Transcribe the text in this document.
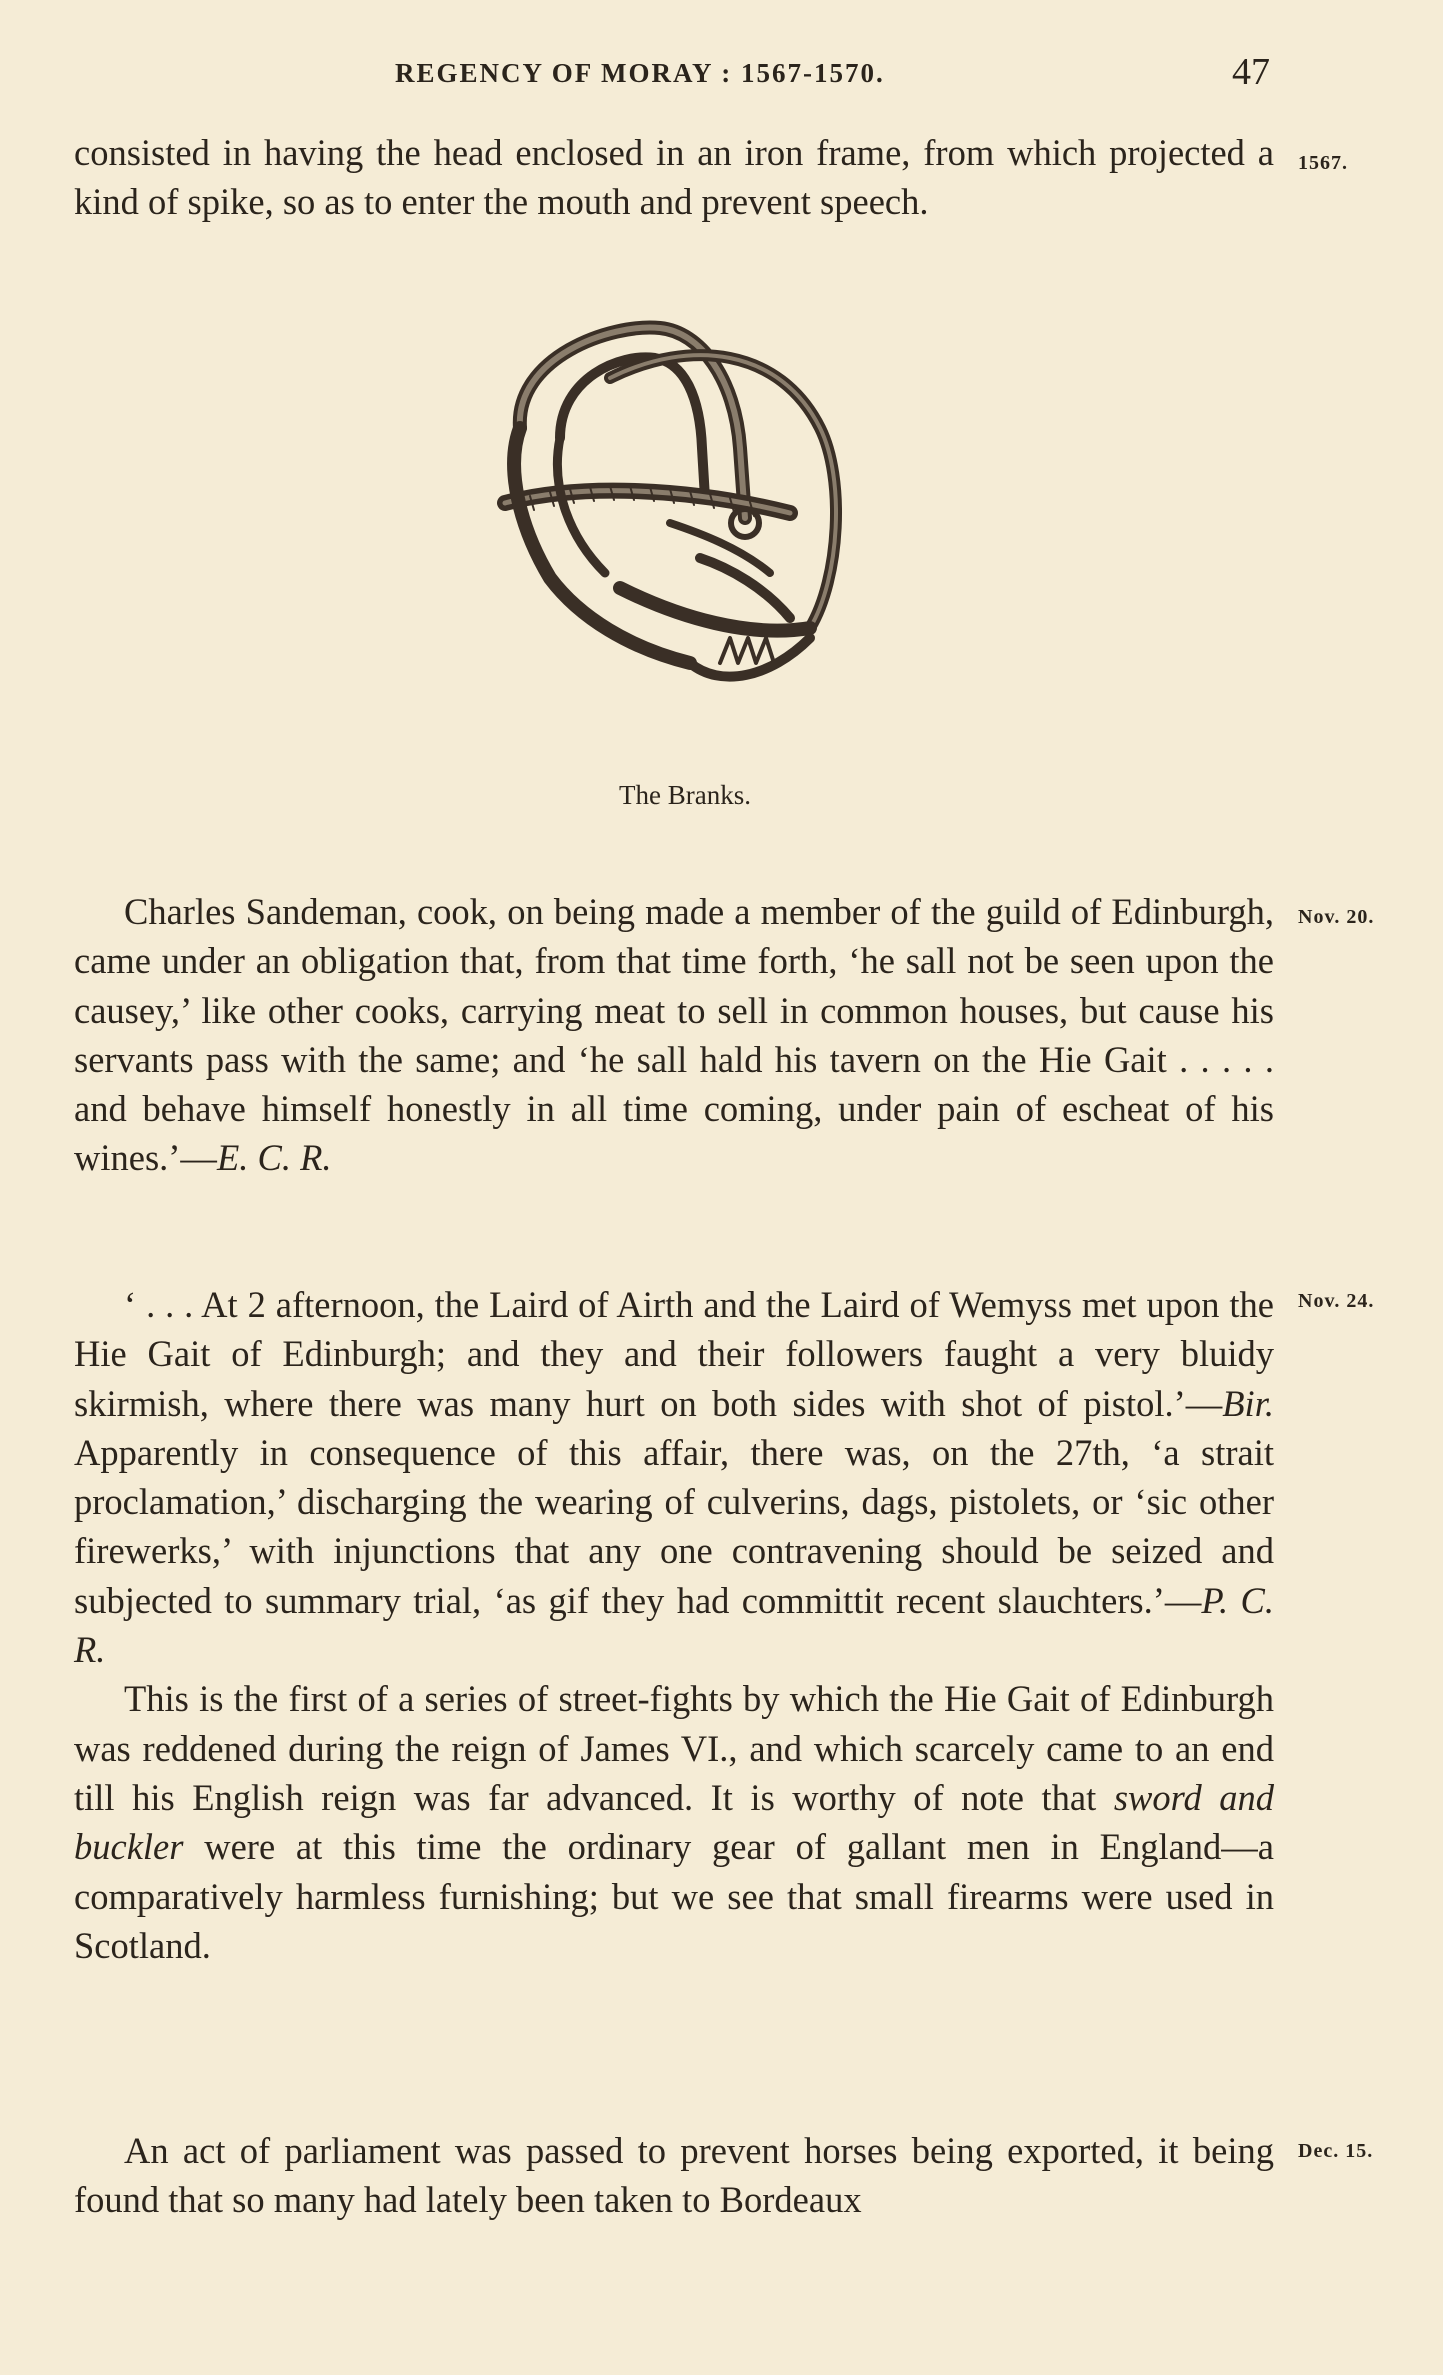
REGENCY OF MORAY : 1567-1570.	47

consisted in having the head enclosed in an iron frame, from which projected a kind of spike, so as to enter the mouth and prevent speech.

1567.
The Branks.

Charles Sandeman, cook, on being made a member of the guild of Edinburgh, came under an obligation that, from that time forth, ‘he sall not be seen upon the causey,’ like other cooks, carrying meat to sell in common houses, but cause his servants pass with the same; and ‘he sall hald his tavern on the Hie Gait . . . . . and behave himself honestly in all time coming, under pain of escheat of his wines.’—E. C. R.

Nov. 20.

‘ . . . At 2 afternoon, the Laird of Airth and the Laird of Wemyss met upon the Hie Gait of Edinburgh; and they and their followers faught a very bluidy skirmish, where there was many hurt on both sides with shot of pistol.’—Bir. Apparently in consequence of this affair, there was, on the 27th, ‘a strait proclamation,’ discharging the wearing of culverins, dags, pistolets, or ‘sic other firewerks,’ with injunctions that any one contravening should be seized and subjected to summary trial, ‘as gif they had committit recent slauchters.’—P. C. R.

This is the first of a series of street-fights by which the Hie Gait of Edinburgh was reddened during the reign of James VI., and which scarcely came to an end till his English reign was far advanced. It is worthy of note that sword and buckler were at this time the ordinary gear of gallant men in England—a comparatively harmless furnishing; but we see that small firearms were used in Scotland.

Nov. 24.

An act of parliament was passed to prevent horses being exported, it being found that so many had lately been taken to Bordeaux

Dec. 15.
